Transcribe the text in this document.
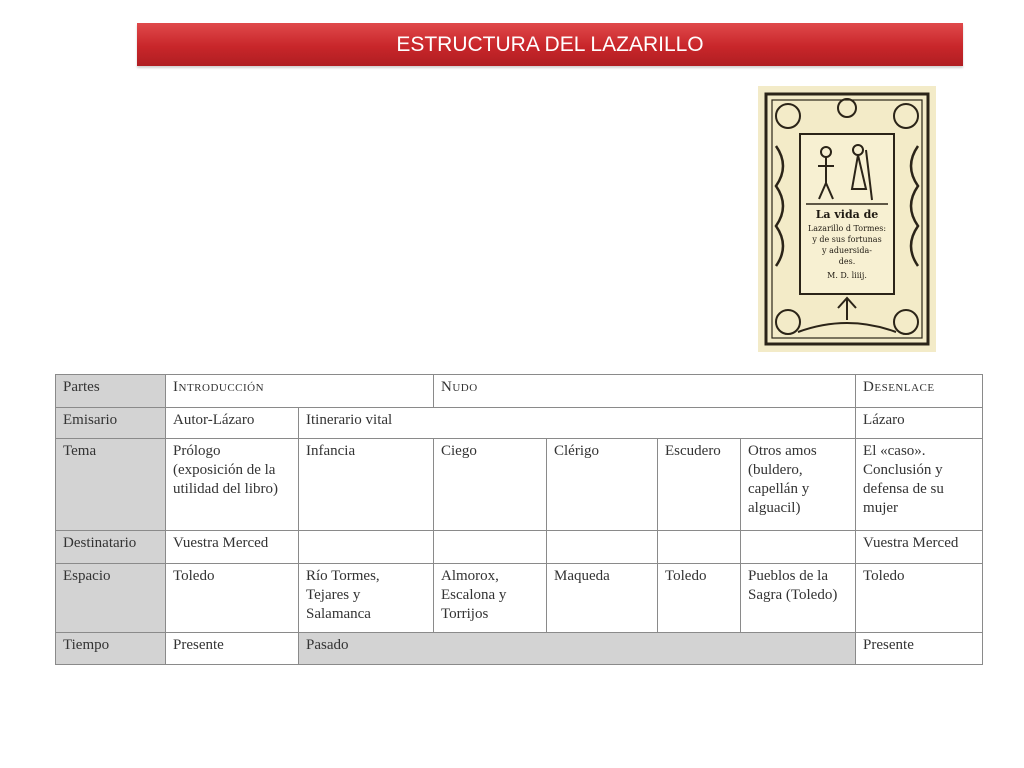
ESTRUCTURA DEL LAZARILLO
La vida de
Lazarillo d Tormes:
y de sus fortunas
y aduersida-
des.
M. D. liiij.
Partes	Introducción		Nudo				Desenlace
Emisario	Autor-Lázaro	Itinerario vital					Lázaro
Tema	Prólogo (exposición de la utilidad del libro)	Infancia	Ciego	Clérigo	Escudero	Otros amos (buldero, capellán y alguacil)	El «caso». Conclusión y defensa de su mujer
Destinatario	Vuestra Merced						Vuestra Merced
Espacio	Toledo	Río Tormes, Tejares y Salamanca	Almorox, Escalona y Torrijos	Maqueda	Toledo	Pueblos de la Sagra (Toledo)	Toledo
Tiempo	Presente	Pasado					Presente
